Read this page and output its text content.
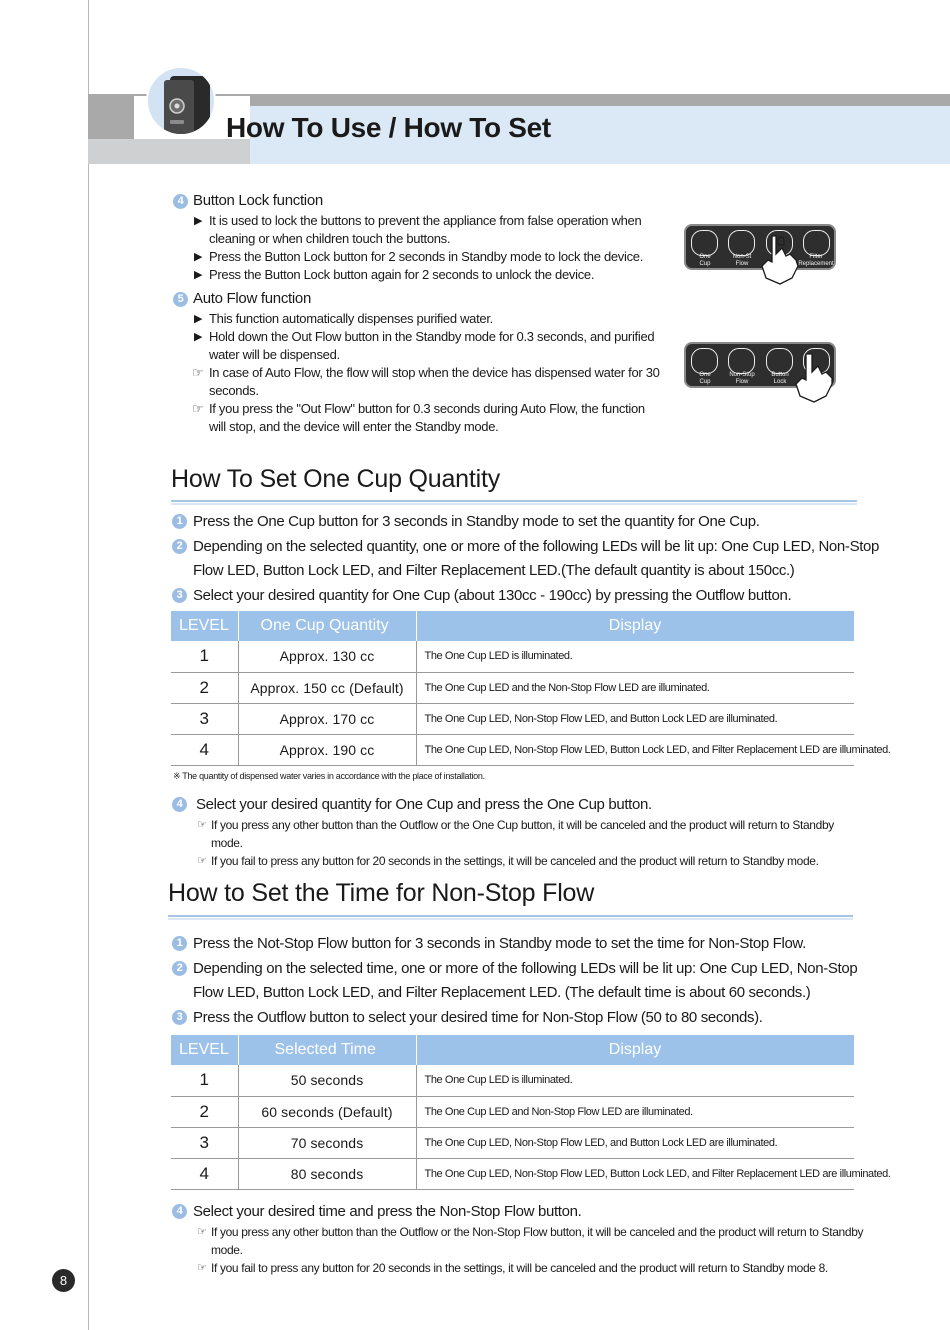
How To Use / How To Set
4 Button Lock function
▶ It is used to lock the buttons to prevent the appliance from false operation when cleaning or when children touch the buttons.
▶ Press the Button Lock button for 2 seconds in Standby mode to lock the device.
▶ Press the Button Lock button again for 2 seconds to unlock the device.
5 Auto Flow function
▶ This function automatically dispenses purified water.
▶ Hold down the Out Flow button in the Standby mode for 0.3 seconds, and purified water will be dispensed.
☞ In case of Auto Flow, the flow will stop when the device has dispensed water for 30 seconds.
☞ If you press the "Out Flow" button for 0.3 seconds during Auto Flow, the function will stop, and the device will enter the Standby mode.
One
Cup
Non-St
Flow

Filter
Replacement
One
Cup
Non-Stop
Flow
Button
Lock

How To Set One Cup Quantity
1 Press the One Cup button for 3 seconds in Standby mode to set the quantity for One Cup.
2 Depending on the selected quantity, one or more of the following LEDs will be lit up: One Cup LED, Non-Stop Flow LED, Button Lock LED, and Filter Replacement LED.(The default quantity is about 150cc.)
3 Select your desired quantity for One Cup (about 130cc - 190cc) by pressing the Outflow button.
LEVEL	One Cup Quantity	Display
1	Approx. 130 cc	The One Cup LED is illuminated.
2	Approx. 150 cc (Default)	The One Cup LED and the Non-Stop Flow LED are illuminated.
3	Approx. 170 cc	The One Cup LED, Non-Stop Flow LED, and Button Lock LED are illuminated.
4	Approx. 190 cc	The One Cup LED, Non-Stop Flow LED, Button Lock LED, and Filter Replacement LED are illuminated.
※ The quantity of dispensed water varies in accordance with the place of installation.
4 Select your desired quantity for One Cup and press the One Cup button.
☞ If you press any other button than the Outflow or the One Cup button, it will be canceled and the product will return to Standby mode.
☞ If you fail to press any button for 20 seconds in the settings, it will be canceled and the product will return to Standby mode.
How to Set the Time for Non-Stop Flow
1 Press the Not-Stop Flow button for 3 seconds in Standby mode to set the time for Non-Stop Flow.
2 Depending on the selected time, one or more of the following LEDs will be lit up: One Cup LED, Non-Stop Flow LED, Button Lock LED, and Filter Replacement LED. (The default time is about 60 seconds.)
3 Press the Outflow button to select your desired time for Non-Stop Flow (50 to 80 seconds).
LEVEL	Selected Time	Display
1	50 seconds	The One Cup LED is illuminated.
2	60 seconds (Default)	The One Cup LED and Non-Stop Flow LED are illuminated.
3	70 seconds	The One Cup LED, Non-Stop Flow LED, and Button Lock LED are illuminated.
4	80 seconds	The One Cup LED, Non-Stop Flow LED, Button Lock LED, and Filter Replacement LED are illuminated.
4 Select your desired time and press the Non-Stop Flow button.
☞ If you press any other button than the Outflow or the Non-Stop Flow button, it will be canceled and the product will return to Standby mode.
☞ If you fail to press any button for 20 seconds in the settings, it will be canceled and the product will return to Standby mode 8.
8
